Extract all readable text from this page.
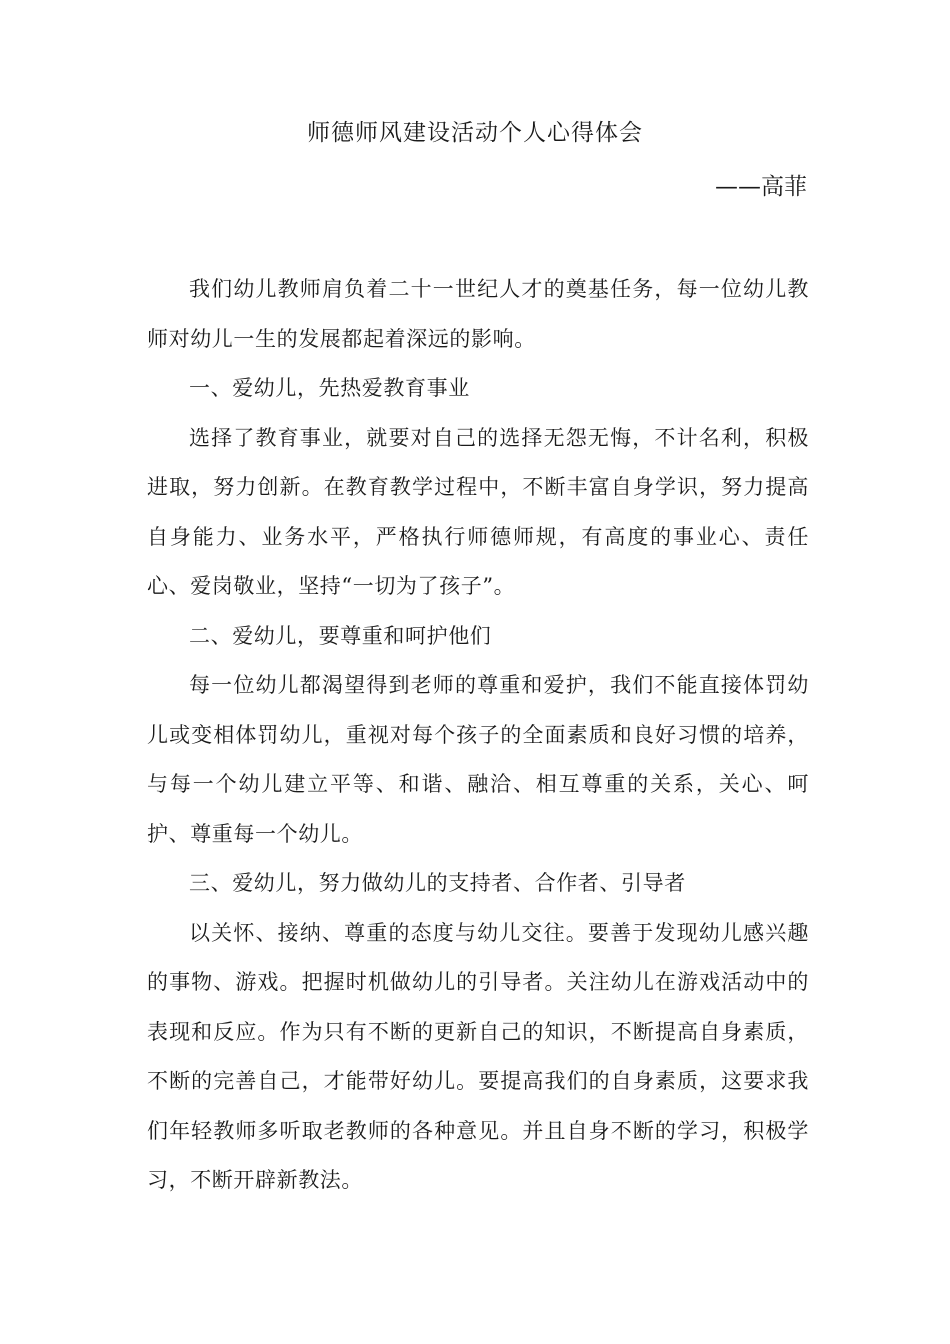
师德师风建设活动个人心得体会
——高菲

我们幼儿教师肩负着二十一世纪人才的奠基任务，每一位幼儿教师对幼儿一生的发展都起着深远的影响。

一、爱幼儿，先热爱教育事业

选择了教育事业，就要对自己的选择无怨无悔，不计名利，积极进取，努力创新。在教育教学过程中，不断丰富自身学识，努力提高自身能力、业务水平，严格执行师德师规，有高度的事业心、责任心、爱岗敬业，坚持“一切为了孩子”。

二、爱幼儿，要尊重和呵护他们

每一位幼儿都渴望得到老师的尊重和爱护，我们不能直接体罚幼儿或变相体罚幼儿，重视对每个孩子的全面素质和良好习惯的培养，与每一个幼儿建立平等、和谐、融洽、相互尊重的关系，关心、呵护、尊重每一个幼儿。

三、爱幼儿，努力做幼儿的支持者、合作者、引导者

以关怀、接纳、尊重的态度与幼儿交往。要善于发现幼儿感兴趣的事物、游戏。把握时机做幼儿的引导者。关注幼儿在游戏活动中的表现和反应。作为只有不断的更新自己的知识，不断提高自身素质，不断的完善自己，才能带好幼儿。要提高我们的自身素质，这要求我们年轻教师多听取老教师的各种意见。并且自身不断的学习，积极学习，不断开辟新教法。
